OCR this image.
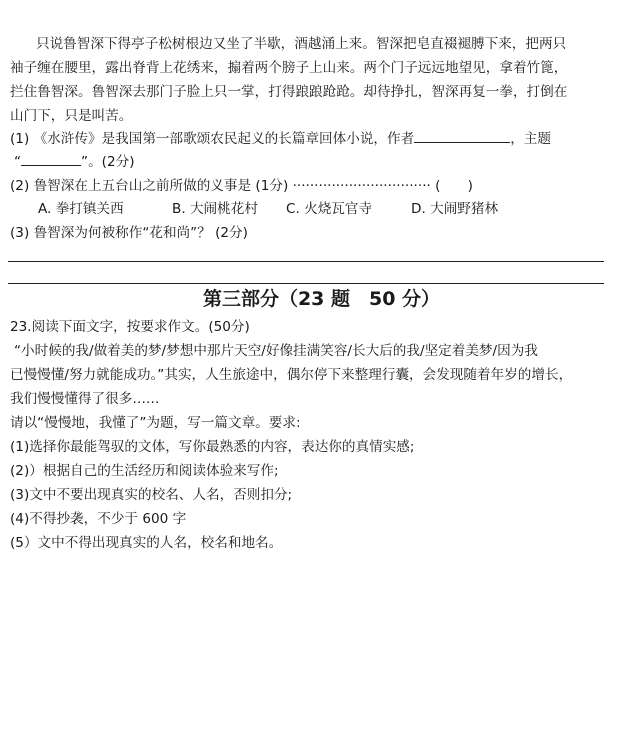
只说鲁智深下得亭子松树根边又坐了半歇，酒越涌上来。智深把皂直裰褪膊下来，把两只
袖子缠在腰里，露出脊背上花绣来，搧着两个膀子上山来。两个门子远远地望见，拿着竹篦，
拦住鲁智深。鲁智深去那门子脸上只一掌，打得踉踉跄跄。却待挣扎，智深再复一拳，打倒在
山门下，只是叫苦。
(1) 《水浒传》是我国第一部歌颂农民起义的长篇章回体小说，作者	，主题
“	”。(2分)
(2) 鲁智深在上五台山之前所做的义事是 (1分) ································ (　　)
A. 拳打镇关西	B. 大闹桃花村 C. 火烧瓦官寺	D. 大闹野猪林
(3) 鲁智深为何被称作“花和尚”？ (2分)
第三部分（23 题　50 分）
23.阅读下面文字，按要求作文。(50分)
“小时候的我/做着美的梦/梦想中那片天空/好像挂满笑容/长大后的我/坚定着美梦/因为我
已慢慢懂/努力就能成功。”其实，人生旅途中，偶尔停下来整理行囊，会发现随着年岁的增长，
我们慢慢懂得了很多……
请以“慢慢地，我懂了”为题，写一篇文章。要求:
(1)选择你最能驾驭的文体，写你最熟悉的内容，表达你的真情实感;
(2)）根据自己的生活经历和阅读体验来写作;
(3)文中不要出现真实的校名、人名，否则扣分;
(4)不得抄袭，不少于 600 字
(5）文中不得出现真实的人名，校名和地名。
